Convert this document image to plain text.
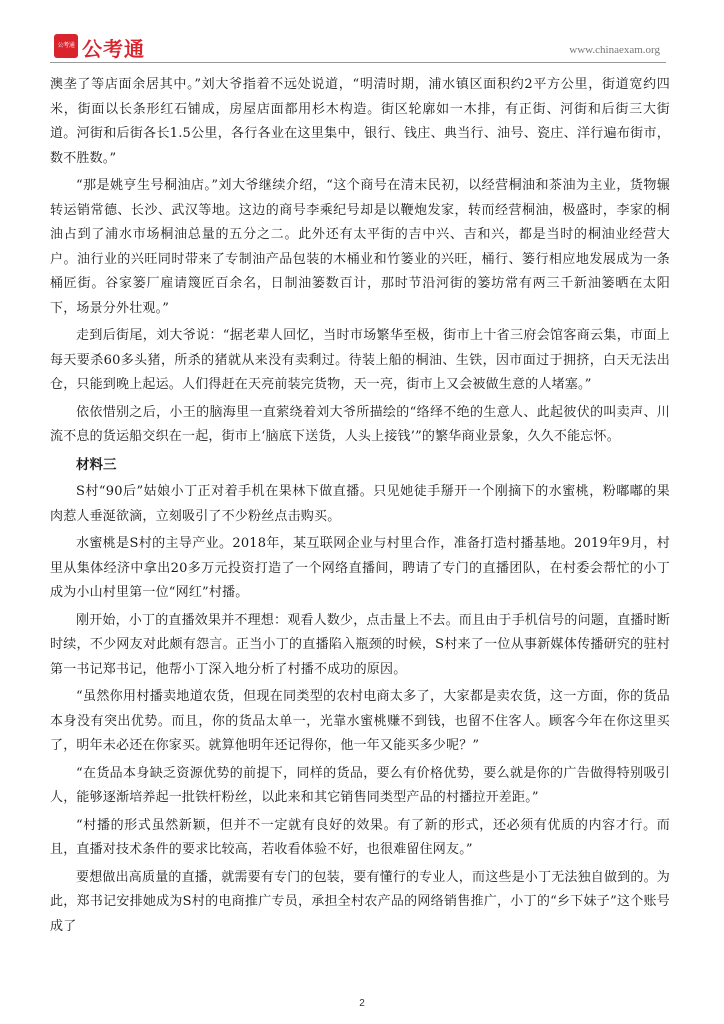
公考通 公考通	www.chinaexam.org

澳垄了等店面余居其中。”刘大爷指着不远处说道，“明清时期，浦水镇区面积约2平方公里，街道宽约四米，街面以长条形红石铺成，房屋店面都用杉木构造。街区轮廓如一木排，有正街、河街和后街三大街道。河街和后街各长1.5公里，各行各业在这里集中，银行、钱庄、典当行、油号、瓷庄、洋行遍布街市，数不胜数。”

“那是姚亨生号桐油店。”刘大爷继续介绍，“这个商号在清末民初，以经营桐油和茶油为主业，货物辗转运销常德、长沙、武汉等地。这边的商号李乘纪号却是以鞭炮发家，转而经营桐油，极盛时，李家的桐油占到了浦水市场桐油总量的五分之二。此外还有太平街的吉中兴、吉和兴，都是当时的桐油业经营大户。油行业的兴旺同时带来了专制油产品包装的木桶业和竹篓业的兴旺，桶行、篓行相应地发展成为一条桶匠街。谷家篓厂雇请篾匠百余名，日制油篓数百计，那时节沿河街的篓坊常有两三千新油篓晒在太阳下，场景分外壮观。”

走到后街尾，刘大爷说：“据老辈人回忆，当时市场繁华至极，街市上十省三府会馆客商云集，市面上每天要杀60多头猪，所杀的猪就从来没有卖剩过。待装上船的桐油、生铁，因市面过于拥挤，白天无法出仓，只能到晚上起运。人们得赶在天亮前装完货物，天一亮，街市上又会被做生意的人堵塞。”

依依惜别之后，小王的脑海里一直萦绕着刘大爷所描绘的“络绎不绝的生意人、此起彼伏的叫卖声、川流不息的货运船交织在一起，街市上‘脑底下送货，人头上接钱’”的繁华商业景象，久久不能忘怀。

材料三

S村“90后”姑娘小丁正对着手机在果林下做直播。只见她徒手掰开一个刚摘下的水蜜桃，粉嘟嘟的果肉惹人垂涎欲滴，立刻吸引了不少粉丝点击购买。

水蜜桃是S村的主导产业。2018年，某互联网企业与村里合作，准备打造村播基地。2019年9月，村里从集体经济中拿出20多万元投资打造了一个网络直播间，聘请了专门的直播团队，在村委会帮忙的小丁成为小山村里第一位“网红”村播。

刚开始，小丁的直播效果并不理想：观看人数少，点击量上不去。而且由于手机信号的问题，直播时断时续，不少网友对此颇有怨言。正当小丁的直播陷入瓶颈的时候，S村来了一位从事新媒体传播研究的驻村第一书记郑书记，他帮小丁深入地分析了村播不成功的原因。

“虽然你用村播卖地道农货，但现在同类型的农村电商太多了，大家都是卖农货，这一方面，你的货品本身没有突出优势。而且，你的货品太单一，光靠水蜜桃赚不到钱，也留不住客人。顾客今年在你这里买了，明年未必还在你家买。就算他明年还记得你，他一年又能买多少呢？”

“在货品本身缺乏资源优势的前提下，同样的货品，要么有价格优势，要么就是你的广告做得特别吸引人，能够逐渐培养起一批铁杆粉丝，以此来和其它销售同类型产品的村播拉开差距。”

“村播的形式虽然新颖，但并不一定就有良好的效果。有了新的形式，还必须有优质的内容才行。而且，直播对技术条件的要求比较高，若收看体验不好，也很难留住网友。”

要想做出高质量的直播，就需要有专门的包装，要有懂行的专业人，而这些是小丁无法独自做到的。为此，郑书记安排她成为S村的电商推广专员，承担全村农产品的网络销售推广，小丁的“乡下妹子”这个账号成了

2
